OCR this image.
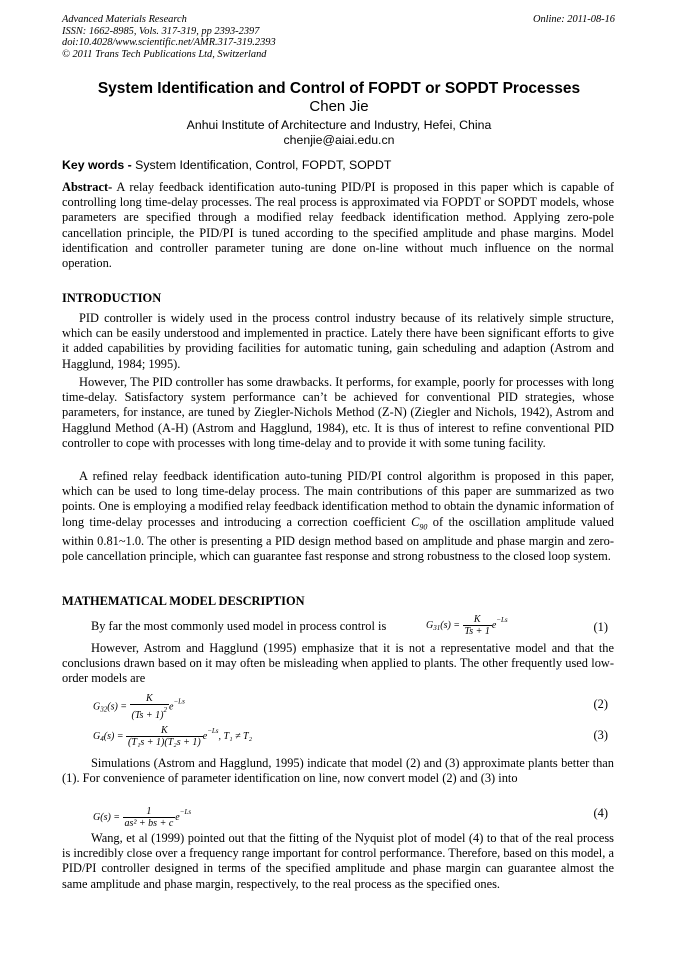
Advanced Materials Research
ISSN: 1662-8985, Vols. 317-319, pp 2393-2397
doi:10.4028/www.scientific.net/AMR.317-319.2393
© 2011 Trans Tech Publications Ltd, Switzerland
Online: 2011-08-16
System Identification and Control of FOPDT or SOPDT Processes
Chen Jie
Anhui Institute of Architecture and Industry, Hefei, China
chenjie@aiai.edu.cn
Key words - System Identification, Control, FOPDT, SOPDT
Abstract- A relay feedback identification auto-tuning PID/PI is proposed in this paper which is capable of controlling long time-delay processes. The real process is approximated via FOPDT or SOPDT models, whose parameters are specified through a modified relay feedback identification method. Applying zero-pole cancellation principle, the PID/PI is tuned according to the specified amplitude and phase margins. Model identification and controller parameter tuning are done on-line without much influence on the normal operation.
INTRODUCTION
PID controller is widely used in the process control industry because of its relatively simple structure, which can be easily understood and implemented in practice. Lately there have been significant efforts to give it added capabilities by providing facilities for automatic tuning, gain scheduling and adaption (Astrom and Hagglund, 1984; 1995).
However, The PID controller has some drawbacks. It performs, for example, poorly for processes with long time-delay. Satisfactory system performance can’t be achieved for conventional PID strategies, whose parameters, for instance, are tuned by Ziegler-Nichols Method (Z-N) (Ziegler and Nichols, 1942), Astrom and Hagglund Method (A-H) (Astrom and Hagglund, 1984), etc. It is thus of interest to refine conventional PID controller to cope with processes with long time-delay and to provide it with some tuning facility.
A refined relay feedback identification auto-tuning PID/PI control algorithm is proposed in this paper, which can be used to long time-delay process. The main contributions of this paper are summarized as two points. One is employing a modified relay feedback identification method to obtain the dynamic information of long time-delay processes and introducing a correction coefficient $C_{90}$ of the oscillation amplitude valued within 0.81~1.0. The other is presenting a PID design method based on amplitude and phase margin and zero-pole cancellation principle, which can guarantee fast response and strong robustness to the closed loop system.
MATHEMATICAL MODEL DESCRIPTION
By far the most commonly used model in process control is	$G_{31}(s) = \frac{K}{Ts + 1} e^{-Ls}$
(1)
However, Astrom and Hagglund (1995) emphasize that it is not a representative model and that the conclusions drawn based on it may often be misleading when applied to plants. The other frequently used low-order models are
$G_{32}(s) = \frac{K}{(Ts + 1)^2} e^{-Ls}$	(2)
$G_4(s) = \frac{K}{\text{(T₁s + 1)(T₂s + 1)}} e^{-Ls}$, T₁ ≠ T₂	(3)
Simulations (Astrom and Hagglund, 1995) indicate that model (2) and (3) approximate plants better than (1). For convenience of parameter identification on line, now convert model (2) and (3) into
$G(s) = \frac{1}{\text{as² + bs + c}} e^{-Ls}$	(4)
Wang, et al (1999) pointed out that the fitting of the Nyquist plot of model (4) to that of the real process is incredibly close over a frequency range important for control performance. Therefore, based on this model, a PID/PI controller designed in terms of the specified amplitude and phase margin can guarantee almost the same amplitude and phase margin, respectively, to the real process as the specified ones.
